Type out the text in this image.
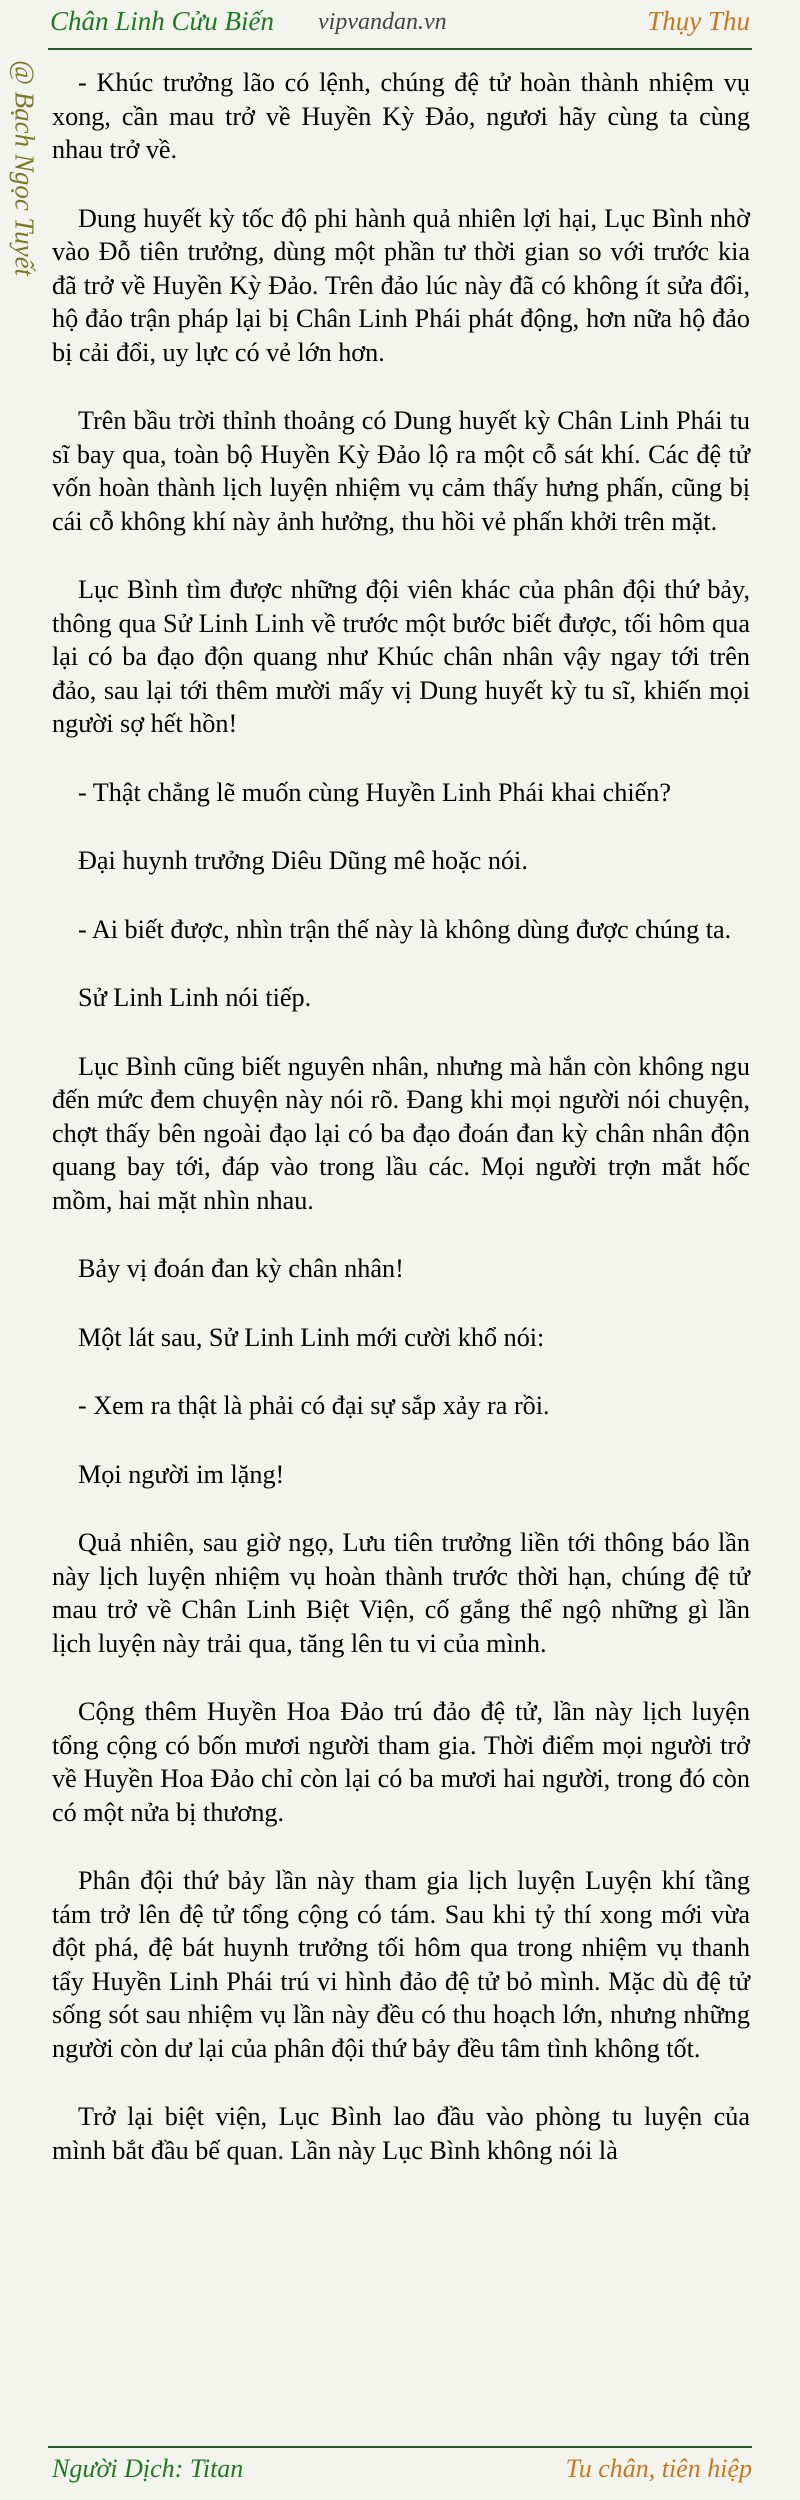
Chân Linh Cửu Biến vipvandan.vn	Thụy Thu
@ Bạch Ngọc Tuyết	- Khúc trưởng lão có lệnh, chúng đệ tử hoàn thành nhiệm vụ xong, cần mau trở về Huyền Kỳ Đảo, ngươi hãy cùng ta cùng nhau trở về.

Dung huyết kỳ tốc độ phi hành quả nhiên lợi hại, Lục Bình nhờ vào Đỗ tiên trưởng, dùng một phần tư thời gian so với trước kia đã trở về Huyền Kỳ Đảo. Trên đảo lúc này đã có không ít sửa đổi, hộ đảo trận pháp lại bị Chân Linh Phái phát động, hơn nữa hộ đảo bị cải đổi, uy lực có vẻ lớn hơn.

Trên bầu trời thỉnh thoảng có Dung huyết kỳ Chân Linh Phái tu sĩ bay qua, toàn bộ Huyền Kỳ Đảo lộ ra một cỗ sát khí. Các đệ tử vốn hoàn thành lịch luyện nhiệm vụ cảm thấy hưng phấn, cũng bị cái cỗ không khí này ảnh hưởng, thu hồi vẻ phấn khởi trên mặt.

Lục Bình tìm được những đội viên khác của phân đội thứ bảy, thông qua Sử Linh Linh về trước một bước biết được, tối hôm qua lại có ba đạo độn quang như Khúc chân nhân vậy ngay tới trên đảo, sau lại tới thêm mười mấy vị Dung huyết kỳ tu sĩ, khiến mọi người sợ hết hồn!

- Thật chẳng lẽ muốn cùng Huyền Linh Phái khai chiến?

Đại huynh trưởng Diêu Dũng mê hoặc nói.

- Ai biết được, nhìn trận thế này là không dùng được chúng ta.

Sử Linh Linh nói tiếp.

Lục Bình cũng biết nguyên nhân, nhưng mà hắn còn không ngu đến mức đem chuyện này nói rõ. Đang khi mọi người nói chuyện, chợt thấy bên ngoài đạo lại có ba đạo đoán đan kỳ chân nhân độn quang bay tới, đáp vào trong lầu các. Mọi người trợn mắt hốc mồm, hai mặt nhìn nhau.

Bảy vị đoán đan kỳ chân nhân!

Một lát sau, Sử Linh Linh mới cười khổ nói:

- Xem ra thật là phải có đại sự sắp xảy ra rồi.

Mọi người im lặng!

Quả nhiên, sau giờ ngọ, Lưu tiên trưởng liền tới thông báo lần này lịch luyện nhiệm vụ hoàn thành trước thời hạn, chúng đệ tử mau trở về Chân Linh Biệt Viện, cố gắng thể ngộ những gì lần lịch luyện này trải qua, tăng lên tu vi của mình.

Cộng thêm Huyền Hoa Đảo trú đảo đệ tử, lần này lịch luyện tổng cộng có bốn mươi người tham gia. Thời điểm mọi người trở về Huyền Hoa Đảo chỉ còn lại có ba mươi hai người, trong đó còn có một nửa bị thương.

Phân đội thứ bảy lần này tham gia lịch luyện Luyện khí tầng tám trở lên đệ tử tổng cộng có tám. Sau khi tỷ thí xong mới vừa đột phá, đệ bát huynh trưởng tối hôm qua trong nhiệm vụ thanh tẩy Huyền Linh Phái trú vi hình đảo đệ tử bỏ mình. Mặc dù đệ tử sống sót sau nhiệm vụ lần này đều có thu hoạch lớn, nhưng những người còn dư lại của phân đội thứ bảy đều tâm tình không tốt.

Trở lại biệt viện, Lục Bình lao đầu vào phòng tu luyện của mình bắt đầu bế quan. Lần này Lục Bình không nói là

Người Dịch: Titan	Tu chân, tiên hiệp
